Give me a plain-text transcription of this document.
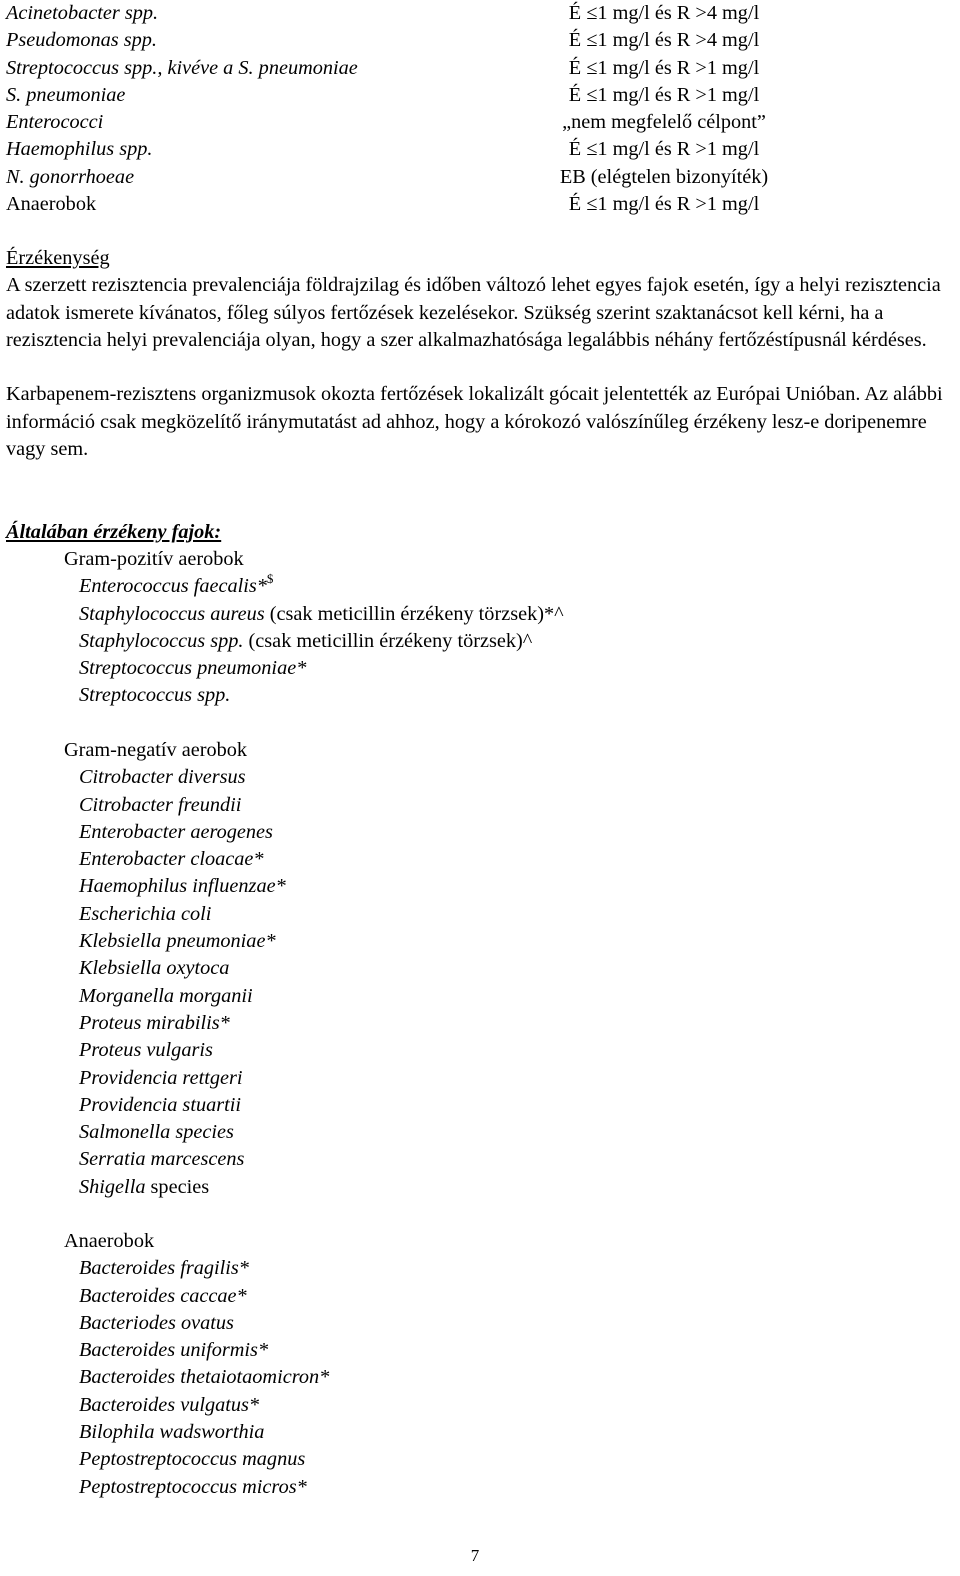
Acinetobacter spp.	É ≤1 mg/l és R >4 mg/l
Pseudomonas spp.	É ≤1 mg/l és R >4 mg/l
Streptococcus spp., kivéve a S. pneumoniae	É ≤1 mg/l és R >1 mg/l
S. pneumoniae	É ≤1 mg/l és R >1 mg/l
Enterococci	„nem megfelelő célpont”
Haemophilus spp.	É ≤1 mg/l és R >1 mg/l
N. gonorrhoeae	EB (elégtelen bizonyíték)
Anaerobok	É ≤1 mg/l és R >1 mg/l
Érzékenység

A szerzett rezisztencia prevalenciája földrajzilag és időben változó lehet egyes fajok esetén, így a helyi rezisztencia adatok ismerete kívánatos, főleg súlyos fertőzések kezelésekor. Szükség szerint szaktanácsot kell kérni, ha a rezisztencia helyi prevalenciája olyan, hogy a szer alkalmazhatósága legalábbis néhány fertőzéstípusnál kérdéses.

Karbapenem-rezisztens organizmusok okozta fertőzések lokalizált gócait jelentették az Európai Unióban. Az alábbi információ csak megközelítő iránymutatást ad ahhoz, hogy a kórokozó valószínűleg érzékeny lesz-e doripenemre vagy sem.

Általában érzékeny fajok:
Gram-pozitív aerobok
Enterococcus faecalis*$
Staphylococcus aureus (csak meticillin érzékeny törzsek)*^
Staphylococcus spp. (csak meticillin érzékeny törzsek)^
Streptococcus pneumoniae*
Streptococcus spp.
Gram-negatív aerobok
Citrobacter diversus
Citrobacter freundii
Enterobacter aerogenes
Enterobacter cloacae*
Haemophilus influenzae*
Escherichia coli
Klebsiella pneumoniae*
Klebsiella oxytoca
Morganella morganii
Proteus mirabilis*
Proteus vulgaris
Providencia rettgeri
Providencia stuartii
Salmonella species
Serratia marcescens
Shigella species
Anaerobok
Bacteroides fragilis*
Bacteroides caccae*
Bacteriodes ovatus
Bacteroides uniformis*
Bacteroides thetaiotaomicron*
Bacteroides vulgatus*
Bilophila wadsworthia
Peptostreptococcus magnus
Peptostreptococcus micros*
7
